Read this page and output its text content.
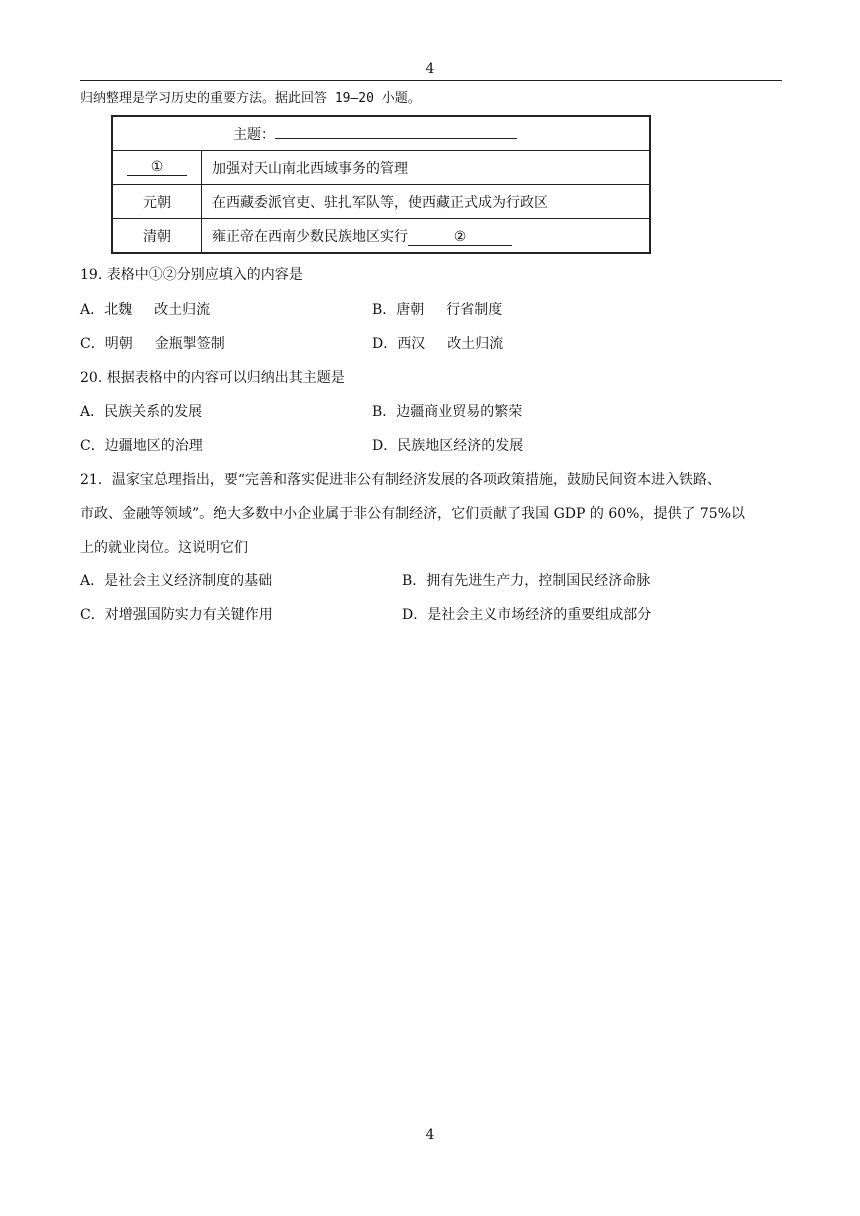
4
归纳整理是学习历史的重要方法。据此回答 19—20 小题。
主题：	
①	加强对天山南北西域事务的管理
元朝	在西藏委派官吏、驻扎军队等，使西藏正式成为行政区
清朝	雍正帝在西南少数民族地区实行 ②
19. 表格中①②分别应填入的内容是
A．北魏 改土归流	B．唐朝 行省制度
C．明朝 金瓶掣签制	D．西汉 改土归流
20. 根据表格中的内容可以归纳出其主题是
A．民族关系的发展	B．边疆商业贸易的繁荣
C．边疆地区的治理	D．民族地区经济的发展
21．温家宝总理指出，要“完善和落实促进非公有制经济发展的各项政策措施，鼓励民间资本进入铁路、
市政、金融等领域”。绝大多数中小企业属于非公有制经济，它们贡献了我国 GDP 的 60%，提供了 75%以
上的就业岗位。这说明它们
A．是社会主义经济制度的基础	B．拥有先进生产力，控制国民经济命脉
C．对增强国防实力有关键作用	D．是社会主义市场经济的重要组成部分
4
